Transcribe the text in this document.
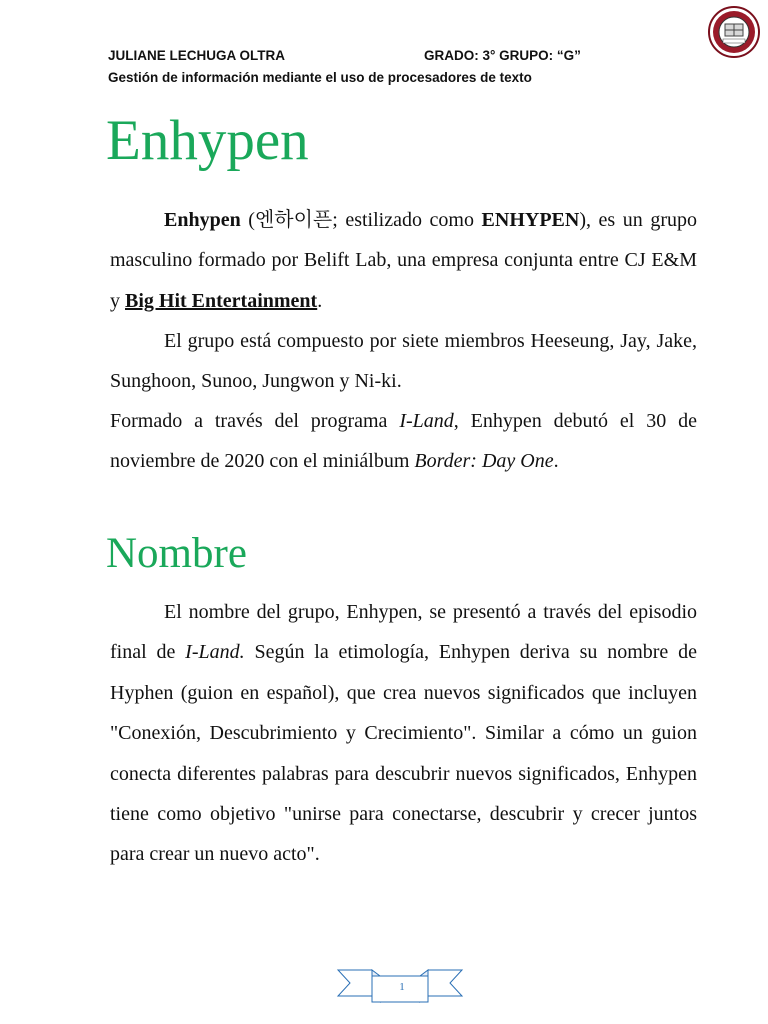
JULIANE LECHUGA OLTRA	GRADO: 3° GRUPO: “G”
Gestión de información mediante el uso de procesadores de texto
Enhypen

Enhypen (엔하이픈; estilizado como ENHYPEN), es un grupo masculino formado por Belift Lab, una empresa conjunta entre CJ E&M y Big Hit Entertainment.

El grupo está compuesto por siete miembros Heeseung, Jay, Jake, Sunghoon, Sunoo, Jungwon y Ni-ki.

Formado a través del programa I-Land, Enhypen debutó el 30 de noviembre de 2020 con el miniálbum Border: Day One.

Nombre

El nombre del grupo, Enhypen, se presentó a través del episodio final de I-Land. Según la etimología, Enhypen deriva su nombre de Hyphen (guion en español), que crea nuevos significados que incluyen "Conexión, Descubrimiento y Crecimiento". Similar a cómo un guion conecta diferentes palabras para descubrir nuevos significados, Enhypen tiene como objetivo "unirse para conectarse, descubrir y crecer juntos para crear un nuevo acto".

1
